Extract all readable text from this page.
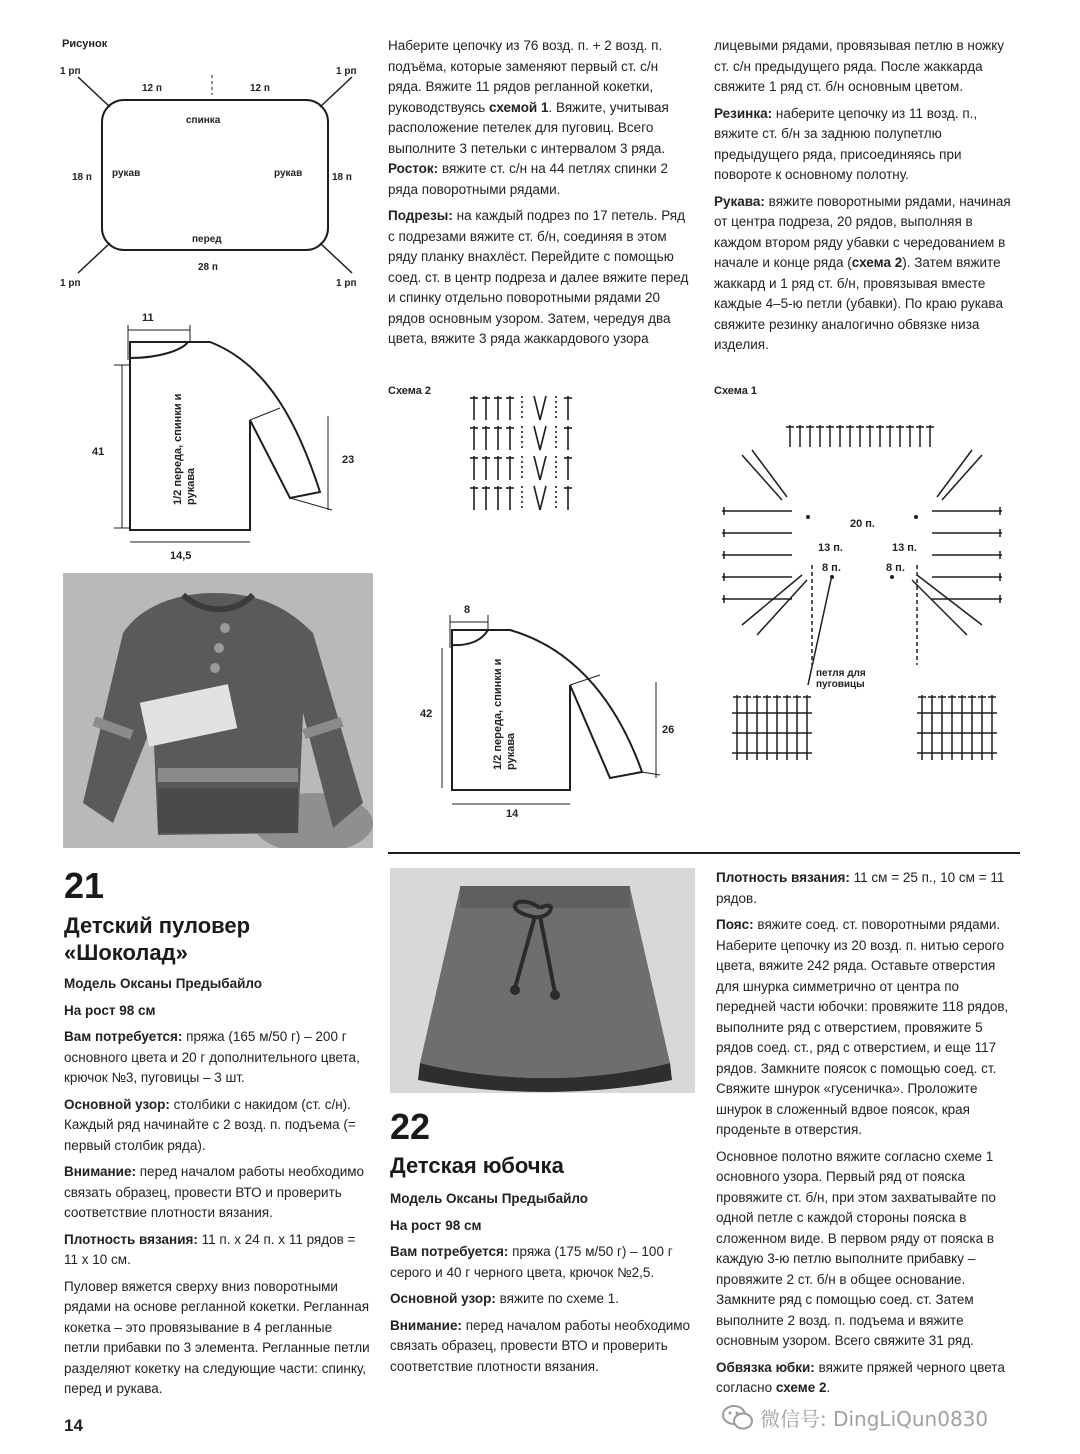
Рисунок
1 рп	1 рп
1 рп	1 рп
12 п	12 п
спинка
рукав	рукав
18 п	18 п
перед
28 п
11
41
23
14,5
1/2 переда, спинки и рукава
21
Детский пуловер
«Шоколад»

Модель Оксаны Предыбайло

На рост 98 см

Вам потребуется: пряжа (165 м/50 г) – 200 г основного цвета и 20 г дополнительного цвета, крючок №3, пуговицы – 3 шт.

Основной узор: столбики с накидом (ст. с/н). Каждый ряд начинайте с 2 возд. п. подъема (= первый столбик ряда).

Внимание: перед началом работы необходимо связать образец, провести ВТО и проверить соответствие плотности вязания.

Плотность вязания: 11 п. х 24 п. х 11 рядов = 11 х 10 см.

Пуловер вяжется сверху вниз поворотными рядами на основе регланной кокетки. Регланная кокетка – это провязывание в 4 регланные петли прибавки по 3 элемента. Регланные петли разделяют кокетку на следующие части: спинку, перед и рукава.

Наберите цепочку из 76 возд. п. + 2 возд. п. подъёма, которые заменяют первый ст. с/н ряда. Вяжите 11 рядов регланной кокетки, руководствуясь схемой 1. Вяжите, учитывая расположение петелек для пуговиц. Всего выполните 3 петельки с интервалом 3 ряда.
Росток: вяжите ст. с/н на 44 петлях спинки 2 ряда поворотными рядами.

Подрезы: на каждый подрез по 17 петель. Ряд с подрезами вяжите ст. б/н, соединяя в этом ряду планку внахлёст. Перейдите с помощью соед. ст. в центр подреза и далее вяжите перед и спинку отдельно поворотными рядами 20 рядов основным узором. Затем, чередуя два цвета, вяжите 3 ряда жаккардового узора

лицевыми рядами, провязывая петлю в ножку ст. с/н предыдущего ряда. После жаккарда свяжите 1 ряд ст. б/н основным цветом.

Резинка: наберите цепочку из 11 возд. п., вяжите ст. б/н за заднюю полупетлю предыдущего ряда, присоединяясь при повороте к основному полотну.

Рукава: вяжите поворотными рядами, начиная от центра подреза, 20 рядов, выполняя в каждом втором ряду убавки с чередованием в начале и конце ряда (схема 2). Затем вяжите жаккард и 1 ряд ст. б/н, провязывая вместе каждые 4–5-ю петли (убавки). По краю рукава свяжите резинку аналогично обвязке низа изделия.

Схема 2
8
42
26
14
1/2 переда, спинки и рукава
Схема 1
20 п.
13 п.	13 п.
8 п.	8 п.
петля для пуговицы
22
Детская юбочка

Модель Оксаны Предыбайло

На рост 98 см

Вам потребуется: пряжа (175 м/50 г) – 100 г серого и 40 г черного цвета, крючок №2,5.

Основной узор: вяжите по схеме 1.

Внимание: перед началом работы необходимо связать образец, провести ВТО и проверить соответствие плотности вязания.

Плотность вязания: 11 см = 25 п., 10 см = 11 рядов.

Пояс: вяжите соед. ст. поворотными рядами. Наберите цепочку из 20 возд. п. нитью серого цвета, вяжите 242 ряда. Оставьте отверстия для шнурка симметрично от центра по передней части юбочки: провяжите 118 рядов, выполните ряд с отверстием, провяжите 5 рядов соед. ст., ряд с отверстием, и еще 117 рядов. Замкните поясок с помощью соед. ст. Свяжите шнурок «гусеничка». Проложите шнурок в сложенный вдвое поясок, края проденьте в отверстия.

Основное полотно вяжите согласно схеме 1 основного узора. Первый ряд от пояска провяжите ст. б/н, при этом захватывайте по одной петле с каждой стороны пояска в сложенном виде. В первом ряду от пояска в каждую 3-ю петлю выполните прибавку – провяжите 2 ст. б/н в общее основание. Замкните ряд с помощью соед. ст. Затем выполните 2 возд. п. подъема и вяжите основным узором. Всего свяжите 31 ряд.

Обвязка юбки: вяжите пряжей черного цвета согласно схеме 2.

14	微信号: DingLiQun0830
